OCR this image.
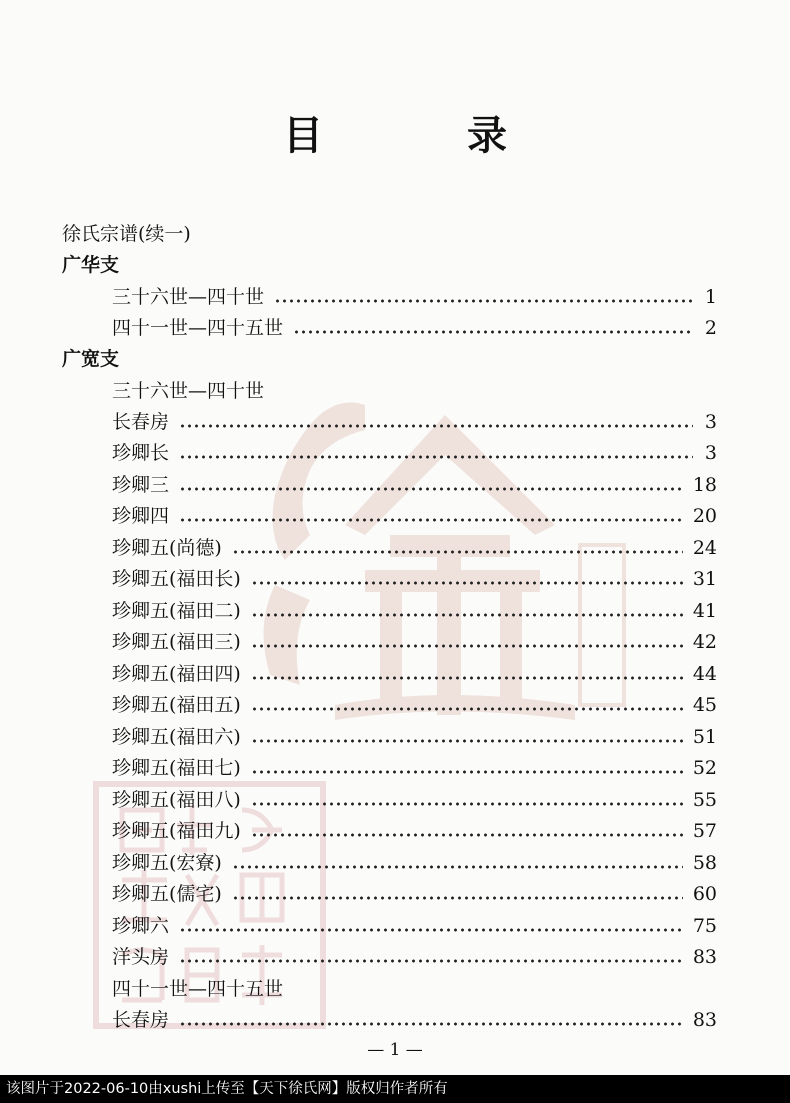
目　录
徐氏宗谱(续一)
广华支
三十六世—四十世	1
四十一世—四十五世	2
广宽支
三十六世—四十世
长春房	3
珍卿长	3
珍卿三	18
珍卿四	20
珍卿五(尚德)	24
珍卿五(福田长)	31
珍卿五(福田二)	41
珍卿五(福田三)	42
珍卿五(福田四)	44
珍卿五(福田五)	45
珍卿五(福田六)	51
珍卿五(福田七)	52
珍卿五(福田八)	55
珍卿五(福田九)	57
珍卿五(宏寮)	58
珍卿五(儒宅)	60
珍卿六	75
洋头房	83
四十一世—四十五世
长春房	83
— 1 —
该图片于2022-06-10由xushi上传至【天下徐氏网】版权归作者所有
